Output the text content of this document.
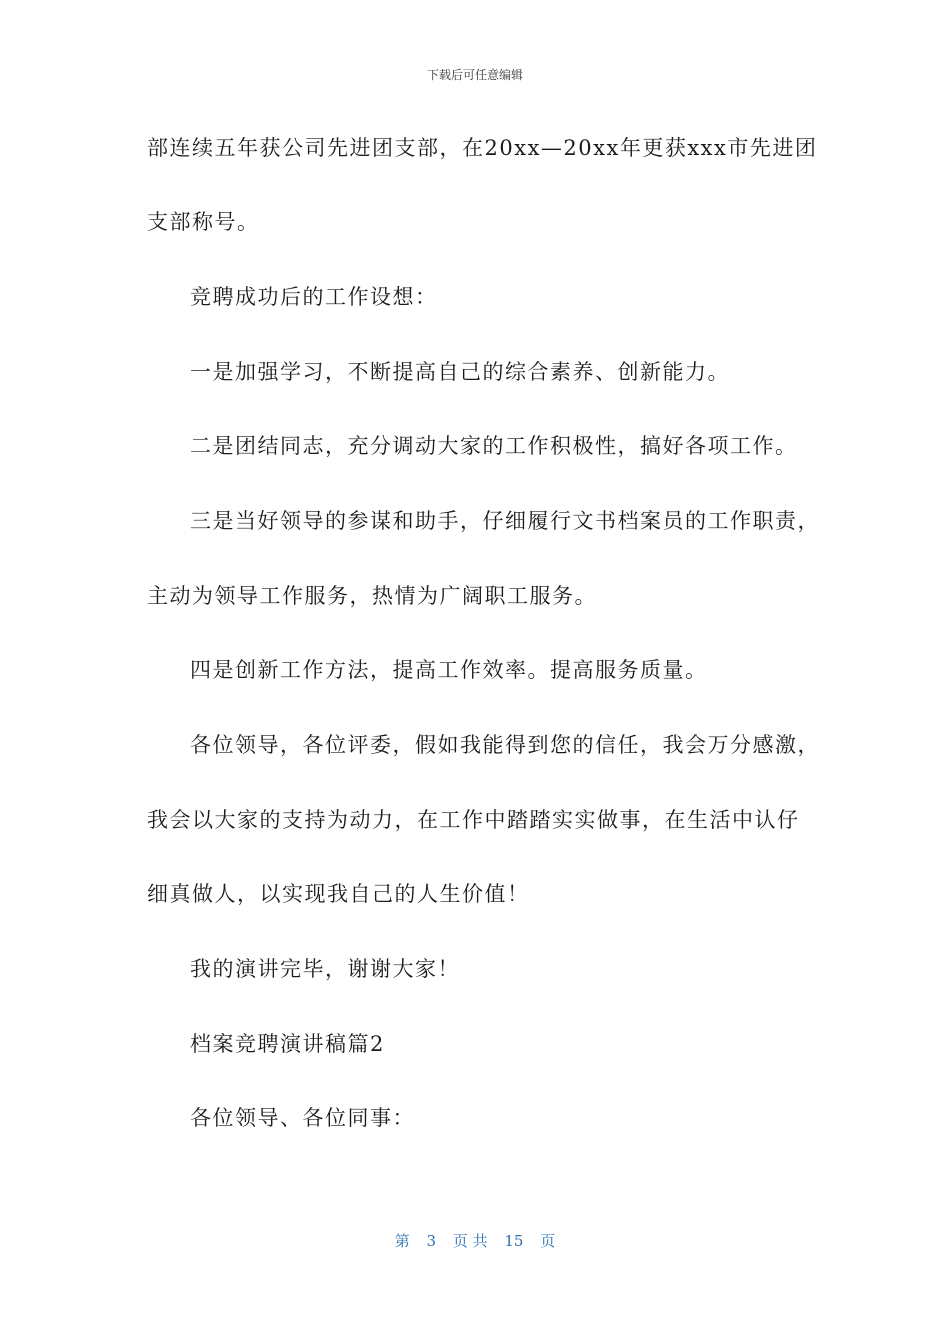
下载后可任意编辑
部连续五年获公司先进团支部，在20xx—20xx年更获xxx市先进团
支部称号。
竞聘成功后的工作设想：
一是加强学习，不断提高自己的综合素养、创新能力。
二是团结同志，充分调动大家的工作积极性，搞好各项工作。
三是当好领导的参谋和助手，仔细履行文书档案员的工作职责，
主动为领导工作服务，热情为广阔职工服务。
四是创新工作方法，提高工作效率。提高服务质量。
各位领导，各位评委，假如我能得到您的信任，我会万分感激，
我会以大家的支持为动力，在工作中踏踏实实做事，在生活中认仔
细真做人，以实现我自己的人生价值！
我的演讲完毕，谢谢大家！
档案竞聘演讲稿篇2
各位领导、各位同事：
第 3 页 共 15 页
